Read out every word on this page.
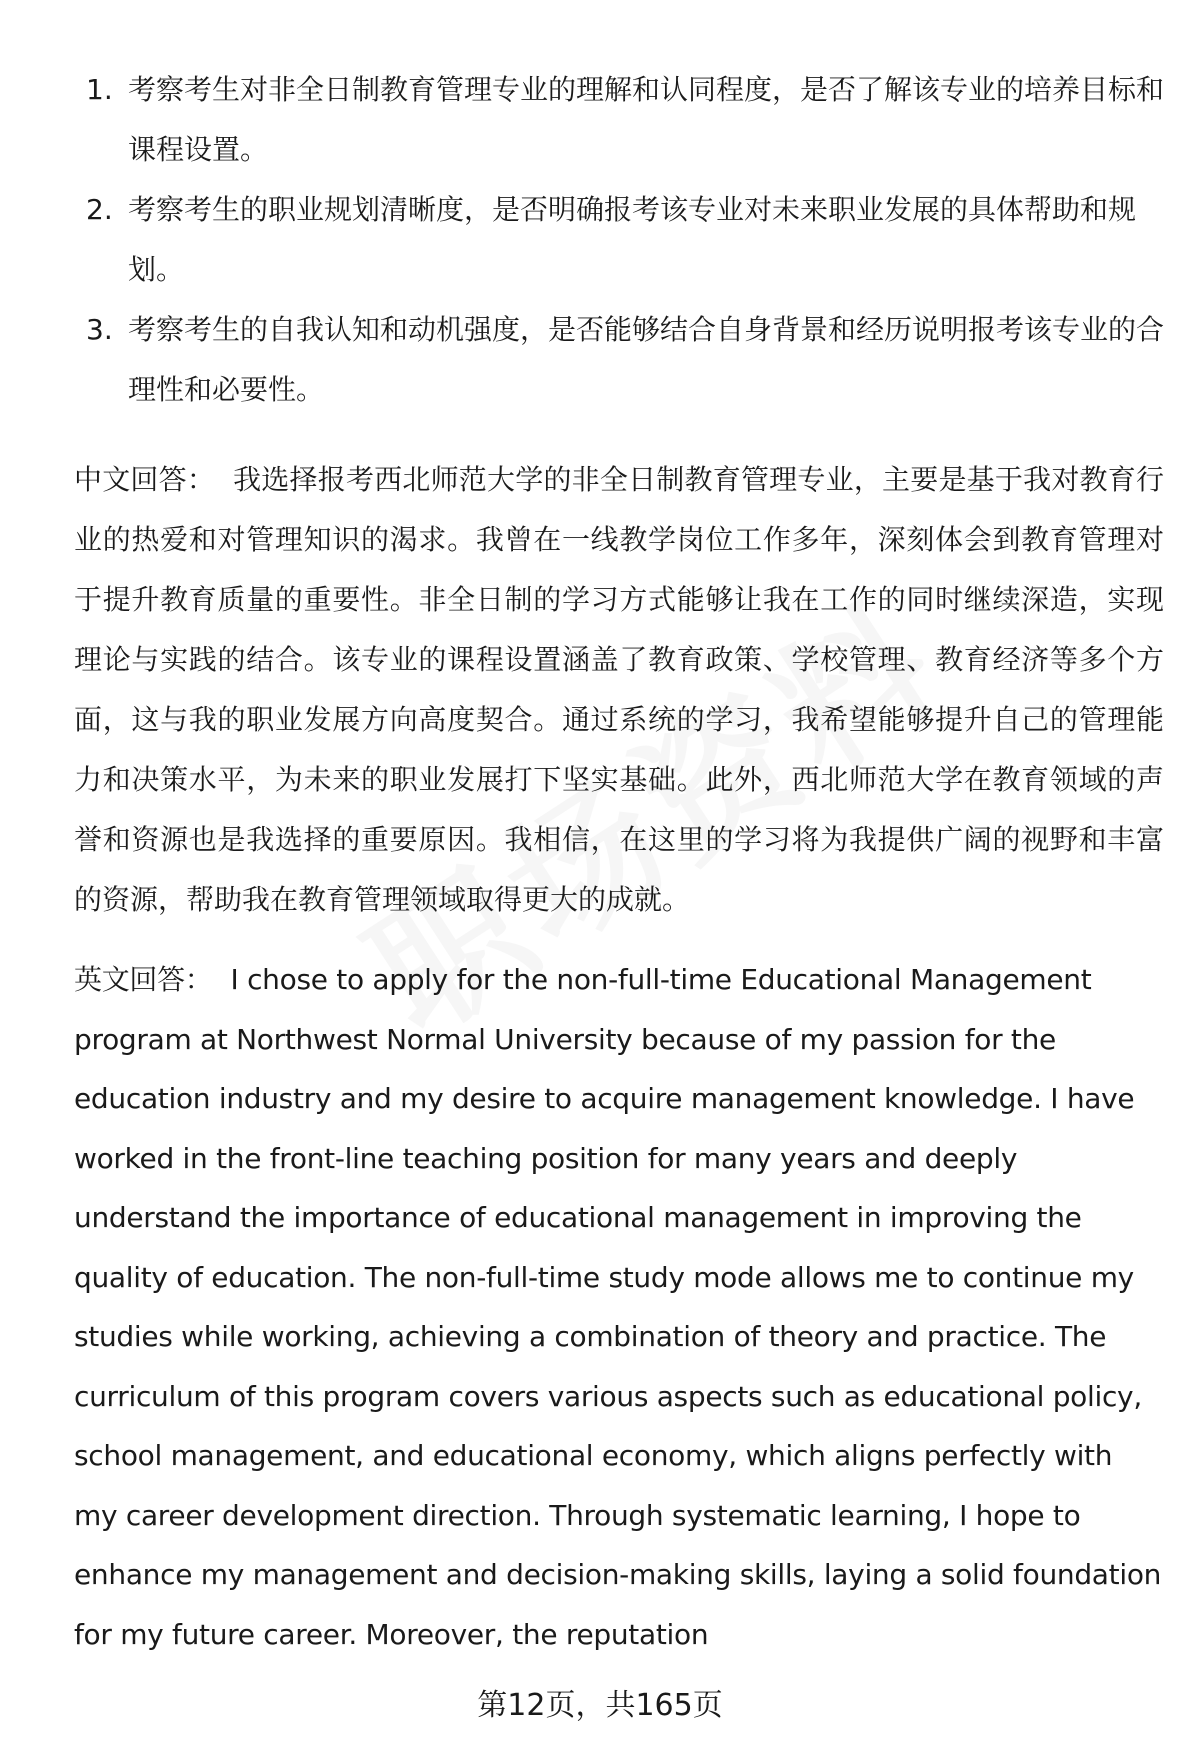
1. 考察考生对非全日制教育管理专业的理解和认同程度，是否了解该专业的培养目标和课程设置。
2. 考察考生的职业规划清晰度，是否明确报考该专业对未来职业发展的具体帮助和规划。
3. 考察考生的自我认知和动机强度，是否能够结合自身背景和经历说明报考该专业的合理性和必要性。

中文回答： 我选择报考西北师范大学的非全日制教育管理专业，主要是基于我对教育行业的热爱和对管理知识的渴求。我曾在一线教学岗位工作多年，深刻体会到教育管理对于提升教育质量的重要性。非全日制的学习方式能够让我在工作的同时继续深造，实现理论与实践的结合。该专业的课程设置涵盖了教育政策、学校管理、教育经济等多个方面，这与我的职业发展方向高度契合。通过系统的学习，我希望能够提升自己的管理能力和决策水平，为未来的职业发展打下坚实基础。此外，西北师范大学在教育领域的声誉和资源也是我选择的重要原因。我相信，在这里的学习将为我提供广阔的视野和丰富的资源，帮助我在教育管理领域取得更大的成就。

英文回答： I chose to apply for the non-full-time Educational Management program at Northwest Normal University because of my passion for the education industry and my desire to acquire management knowledge. I have worked in the front-line teaching position for many years and deeply understand the importance of educational management in improving the quality of education. The non-full-time study mode allows me to continue my studies while working, achieving a combination of theory and practice. The curriculum of this program covers various aspects such as educational policy, school management, and educational economy, which aligns perfectly with my career development direction. Through systematic learning, I hope to enhance my management and decision-making skills, laying a solid foundation for my future career. Moreover, the reputation

第12页，共165页
